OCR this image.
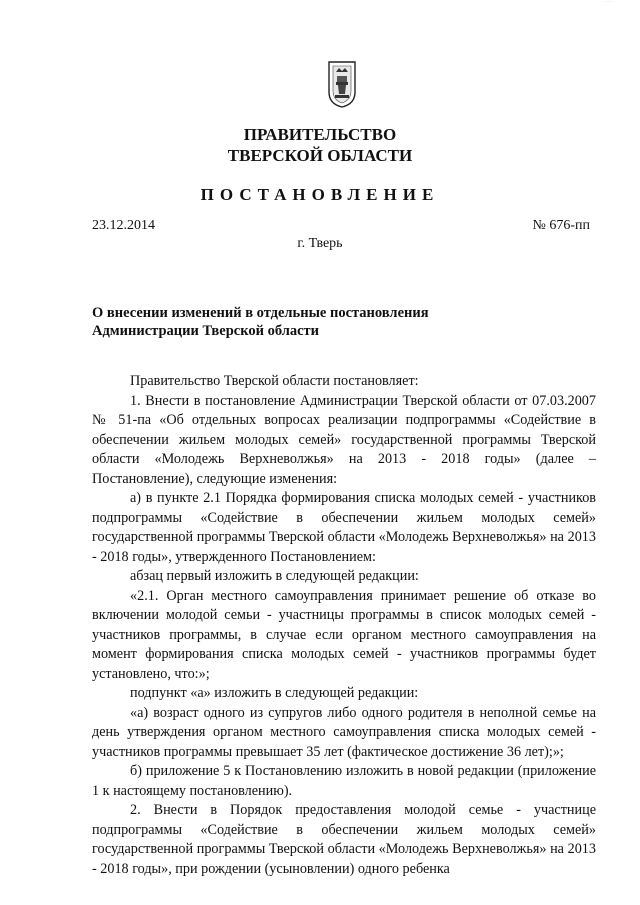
· · · · · ·
ПРАВИТЕЛЬСТВО
ТВЕРСКОЙ ОБЛАСТИ
ПОСТАНОВЛЕНИЕ
23.12.2014	№ 676-пп
г. Тверь
О внесении изменений в отдельные постановления
Администрации Тверской области

Правительство Тверской области постановляет:

1. Внести в постановление Администрации Тверской области от 07.03.2007 № 51-па «Об отдельных вопросах реализации подпрограммы «Содействие в обеспечении жильем молодых семей» государственной программы Тверской области «Молодежь Верхневолжья» на 2013 - 2018 годы» (далее – Постановление), следующие изменения:

а) в пункте 2.1 Порядка формирования списка молодых семей - участников подпрограммы «Содействие в обеспечении жильем молодых семей» государственной программы Тверской области «Молодежь Верхневолжья» на 2013 - 2018 годы», утвержденного Постановлением:

абзац первый изложить в следующей редакции:

«2.1. Орган местного самоуправления принимает решение об отказе во включении молодой семьи - участницы программы в список молодых семей - участников программы, в случае если органом местного самоуправления на момент формирования списка молодых семей - участников программы будет установлено, что:»;

подпункт «а» изложить в следующей редакции:

«а) возраст одного из супругов либо одного родителя в неполной семье на день утверждения органом местного самоуправления списка молодых семей - участников программы превышает 35 лет (фактическое достижение 36 лет);»;

б) приложение 5 к Постановлению изложить в новой редакции (приложение 1 к настоящему постановлению).

2. Внести в Порядок предоставления молодой семье - участнице подпрограммы «Содействие в обеспечении жильем молодых семей» государственной программы Тверской области «Молодежь Верхневолжья» на 2013 - 2018 годы», при рождении (усыновлении) одного ребенка
